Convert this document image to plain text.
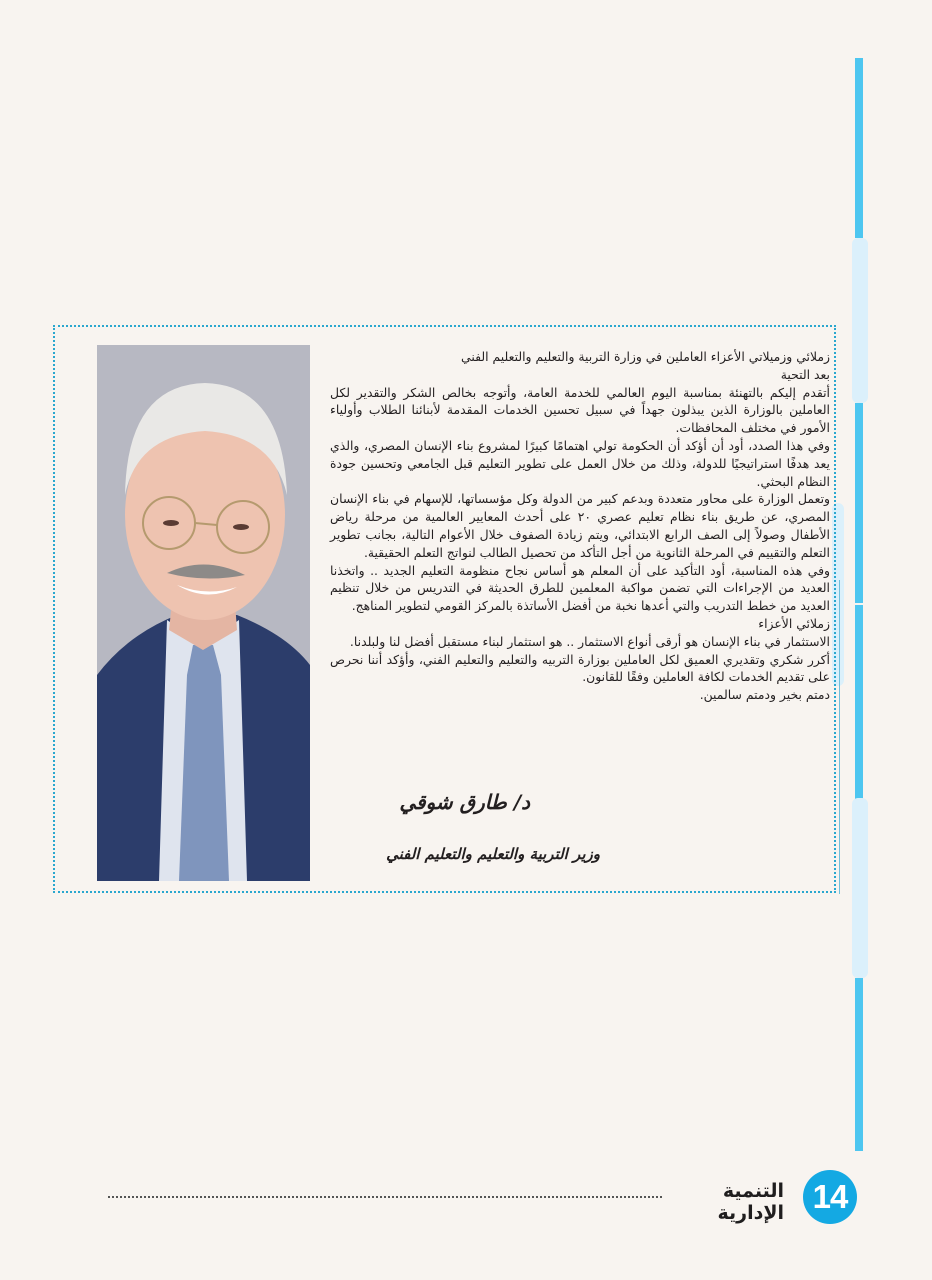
زملائي وزميلاتي الأعزاء العاملين في وزارة التربية والتعليم والتعليم الفني

بعد التحية

أتقدم إليكم بالتهنئة بمناسبة اليوم العالمي للخدمة العامة، وأتوجه بخالص الشكر والتقدير لكل العاملين بالوزارة الذين يبذلون جهداً في سبيل تحسين الخدمات المقدمة لأبنائنا الطلاب وأولياء الأمور في مختلف المحافظات.

وفي هذا الصدد، أود أن أؤكد أن الحكومة تولي اهتمامًا كبيرًا لمشروع بناء الإنسان المصري، والذي يعد هدفًا استراتيجيًا للدولة، وذلك من خلال العمل على تطوير التعليم قبل الجامعي وتحسين جودة النظام البحثي.

وتعمل الوزارة على محاور متعددة وبدعم كبير من الدولة وكل مؤسساتها، للإسهام في بناء الإنسان المصري، عن طريق بناء نظام تعليم عصري ٢٠ على أحدث المعايير العالمية من مرحلة رياض الأطفال وصولاً إلى الصف الرابع الابتدائي، ويتم زيادة الصفوف خلال الأعوام التالية، بجانب تطوير التعلم والتقييم في المرحلة الثانوية من أجل التأكد من تحصيل الطالب لنواتج التعلم الحقيقية.

وفي هذه المناسبة، أود التأكيد على أن المعلم هو أساس نجاح منظومة التعليم الجديد .. واتخذنا العديد من الإجراءات التي تضمن مواكبة المعلمين للطرق الحديثة في التدريس من خلال تنظيم العديد من خطط التدريب والتي أعدها نخبة من أفضل الأساتذة بالمركز القومي لتطوير المناهج.

زملائي الأعزاء

الاستثمار في بناء الإنسان هو أرقى أنواع الاستثمار .. هو استثمار لبناء مستقبل أفضل لنا ولبلدنا.

أكرر شكري وتقديري العميق لكل العاملين بوزارة التربيه والتعليم والتعليم الفني، وأؤكد أننا نحرص على تقديم الخدمات لكافة العاملين وفقًا للقانون.

دمتم بخير ودمتم سالمين.

د/ طارق شوقي
وزير التربية والتعليم والتعليم الفني
التنمية الإدارية 14
